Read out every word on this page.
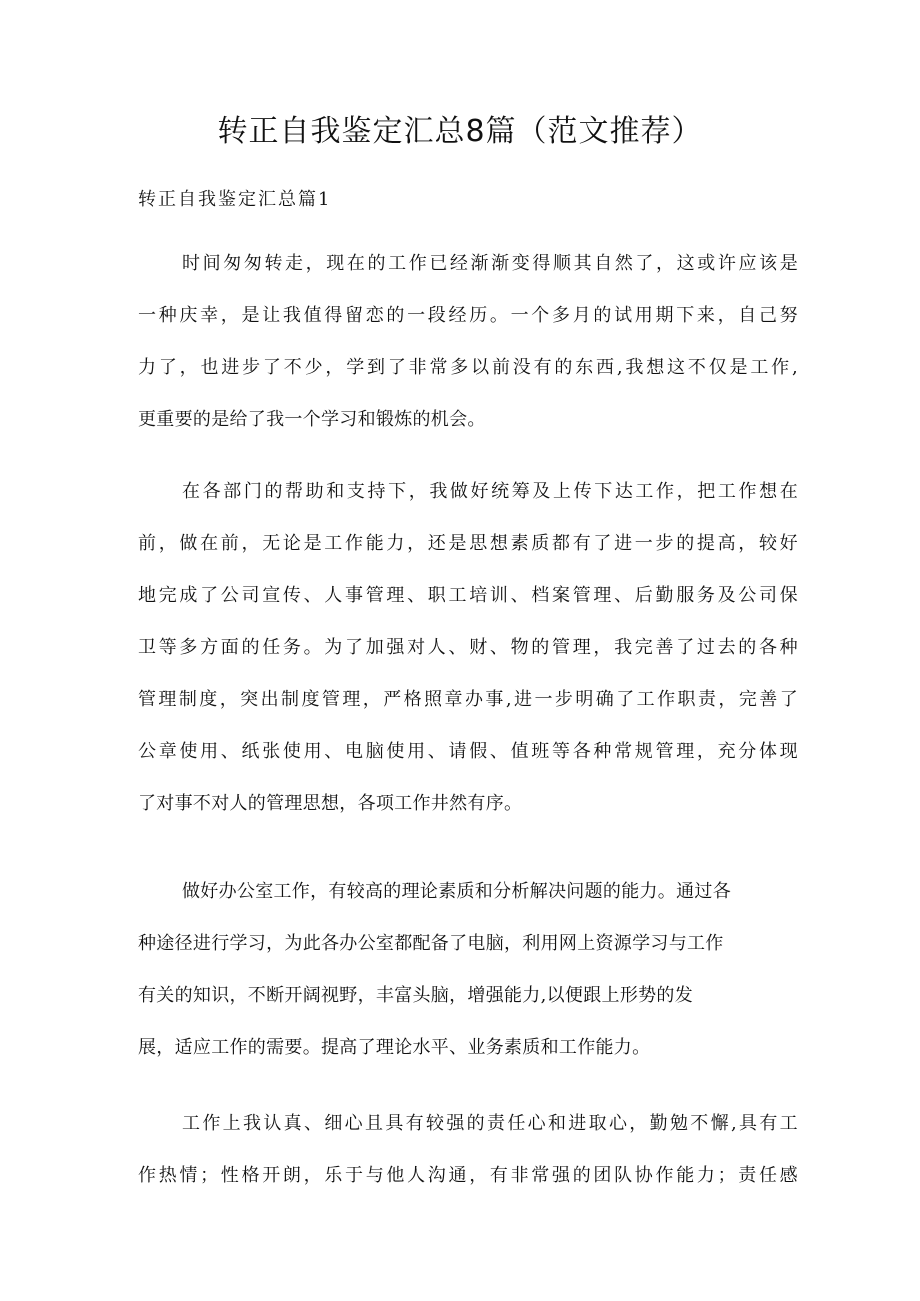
转正自我鉴定汇总8篇（范文推荐）
转正自我鉴定汇总篇1
时间匆匆转走，现在的工作已经渐渐变得顺其自然了，这或许应该是
一种庆幸，是让我值得留恋的一段经历。一个多月的试用期下来，自己努
力了，也进步了不少，学到了非常多以前没有的东西,我想这不仅是工作,
更重要的是给了我一个学习和锻炼的机会。
在各部门的帮助和支持下，我做好统筹及上传下达工作，把工作想在
前，做在前，无论是工作能力，还是思想素质都有了进一步的提高，较好
地完成了公司宣传、人事管理、职工培训、档案管理、后勤服务及公司保
卫等多方面的任务。为了加强对人、财、物的管理，我完善了过去的各种
管理制度，突出制度管理，严格照章办事,进一步明确了工作职责，完善了
公章使用、纸张使用、电脑使用、请假、值班等各种常规管理，充分体现
了对事不对人的管理思想，各项工作井然有序。
做好办公室工作，有较高的理论素质和分析解决问题的能力。通过各
种途径进行学习，为此各办公室都配备了电脑，利用网上资源学习与工作
有关的知识，不断开阔视野，丰富头脑，增强能力,以便跟上形势的发
展，适应工作的需要。提高了理论水平、业务素质和工作能力。
工作上我认真、细心且具有较强的责任心和进取心，勤勉不懈,具有工
作热情；性格开朗，乐于与他人沟通，有非常强的团队协作能力；责任感
